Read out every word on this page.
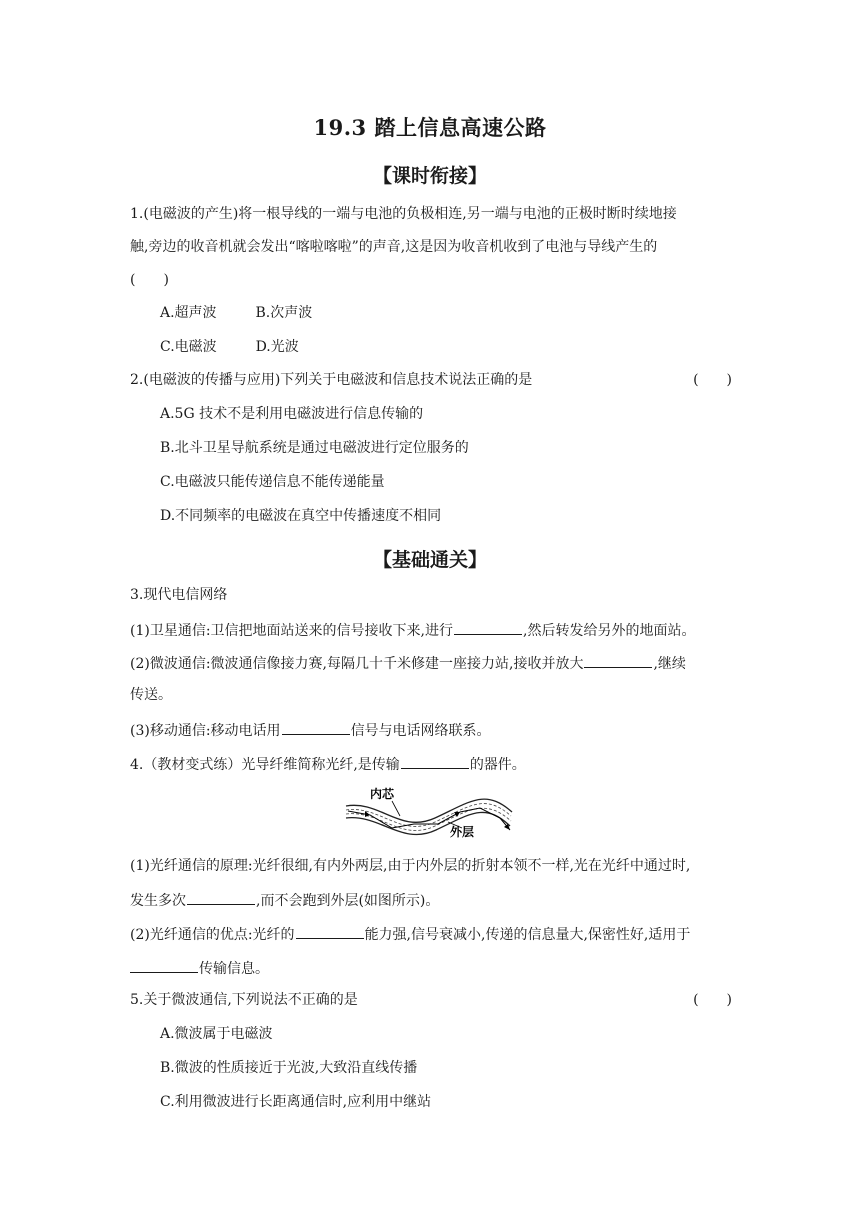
19.3 踏上信息高速公路
【课时衔接】
1.(电磁波的产生)将一根导线的一端与电池的负极相连,另一端与电池的正极时断时续地接
触,旁边的收音机就会发出“喀啦喀啦”的声音,这是因为收音机收到了电池与导线产生的
(　　)
A.超声波	B.次声波
C.电磁波	D.光波
2.(电磁波的传播与应用)下列关于电磁波和信息技术说法正确的是	(　　)
A.5G 技术不是利用电磁波进行信息传输的
B.北斗卫星导航系统是通过电磁波进行定位服务的
C.电磁波只能传递信息不能传递能量
D.不同频率的电磁波在真空中传播速度不相同
【基础通关】
3.现代电信网络
(1)卫星通信:卫信把地面站送来的信号接收下来,进行	,然后转发给另外的地面站。
(2)微波通信:微波通信像接力赛,每隔几十千米修建一座接力站,接收并放大	,继续
传送。
(3)移动通信:移动电话用	信号与电话网络联系。
4.（教材变式练）光导纤维简称光纤,是传输	的器件。
内芯
外层
(1)光纤通信的原理:光纤很细,有内外两层,由于内外层的折射本领不一样,光在光纤中通过时,
发生多次	,而不会跑到外层(如图所示)。
(2)光纤通信的优点:光纤的	能力强,信号衰减小,传递的信息量大,保密性好,适用于
传输信息。
5.关于微波通信,下列说法不正确的是	(　　)
A.微波属于电磁波
B.微波的性质接近于光波,大致沿直线传播
C.利用微波进行长距离通信时,应利用中继站
